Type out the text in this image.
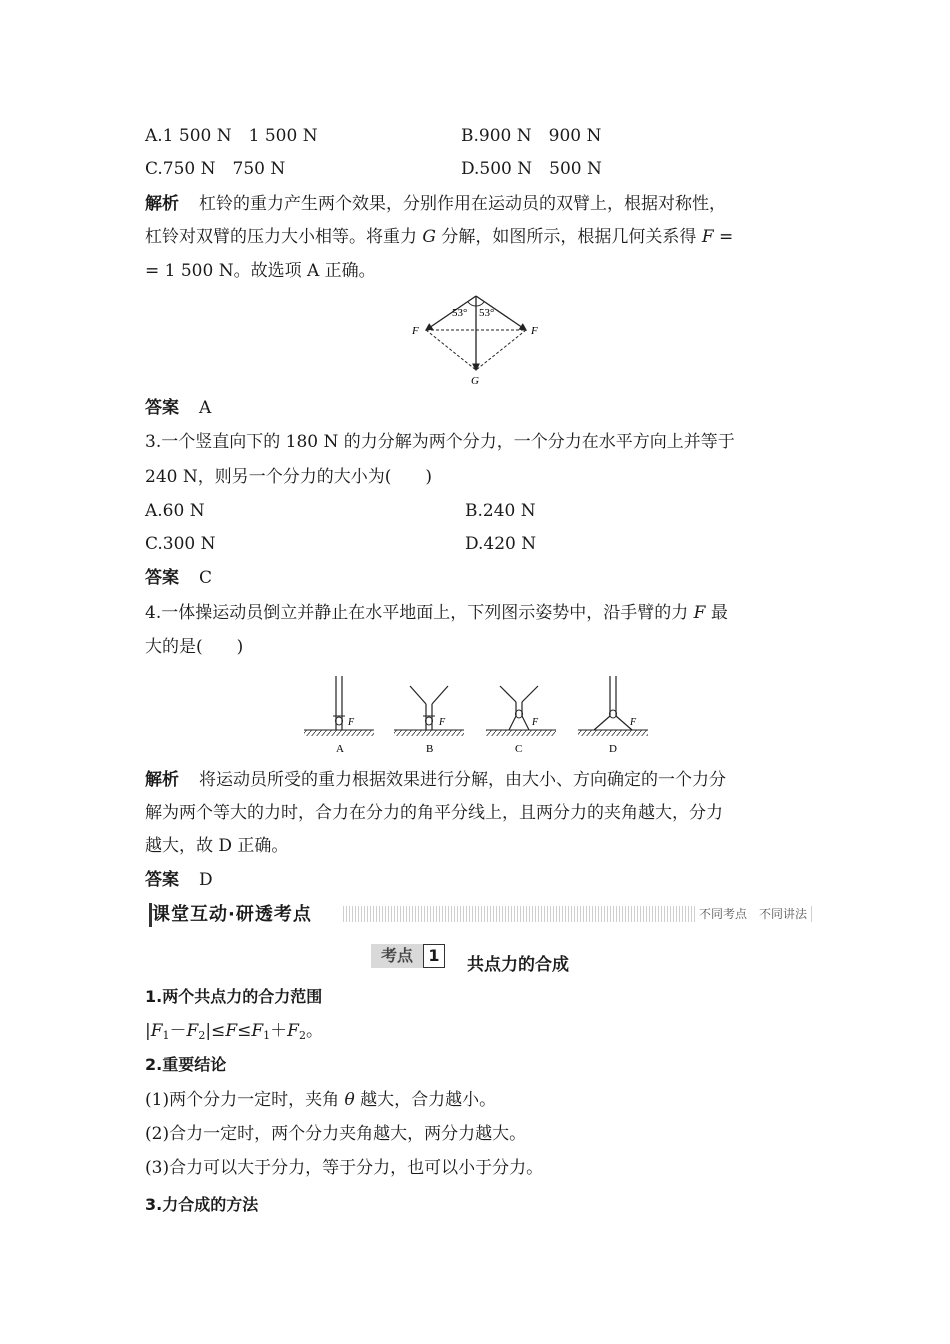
A.1 500 N　1 500 N	B.900 N　900 N
C.750 N　750 N	D.500 N　500 N
解析 杠铃的重力产生两个效果，分别作用在运动员的双臂上，根据对称性，
杠铃对双臂的压力大小相等。将重力 G 分解，如图所示，根据几何关系得 F =
= 1 500 N。故选项 A 正确。
53° 53°
F	F
G
答案 A
3.一个竖直向下的 180 N 的力分解为两个分力，一个分力在水平方向上并等于
240 N，则另一个分力的大小为(　　)
A.60 N	B.240 N
C.300 N	D.420 N
答案 C
4.一体操运动员倒立并静止在水平地面上，下列图示姿势中，沿手臂的力 F 最
大的是(　　)
F
A
F
B
F
C
F
D
解析 将运动员所受的重力根据效果进行分解，由大小、方向确定的一个力分
解为两个等大的力时，合力在分力的角平分线上，且两分力的夹角越大，分力
越大，故 D 正确。
答案 D
课堂互动·研透考点	不同考点　不同讲法
考点 1	共点力的合成
1.两个共点力的合力范围
$|F_1-F_2|\le F\le F_1+F_2$。
2.重要结论
(1)两个分力一定时，夹角 θ 越大，合力越小。
(2)合力一定时，两个分力夹角越大，两分力越大。
(3)合力可以大于分力，等于分力，也可以小于分力。
3.力合成的方法
